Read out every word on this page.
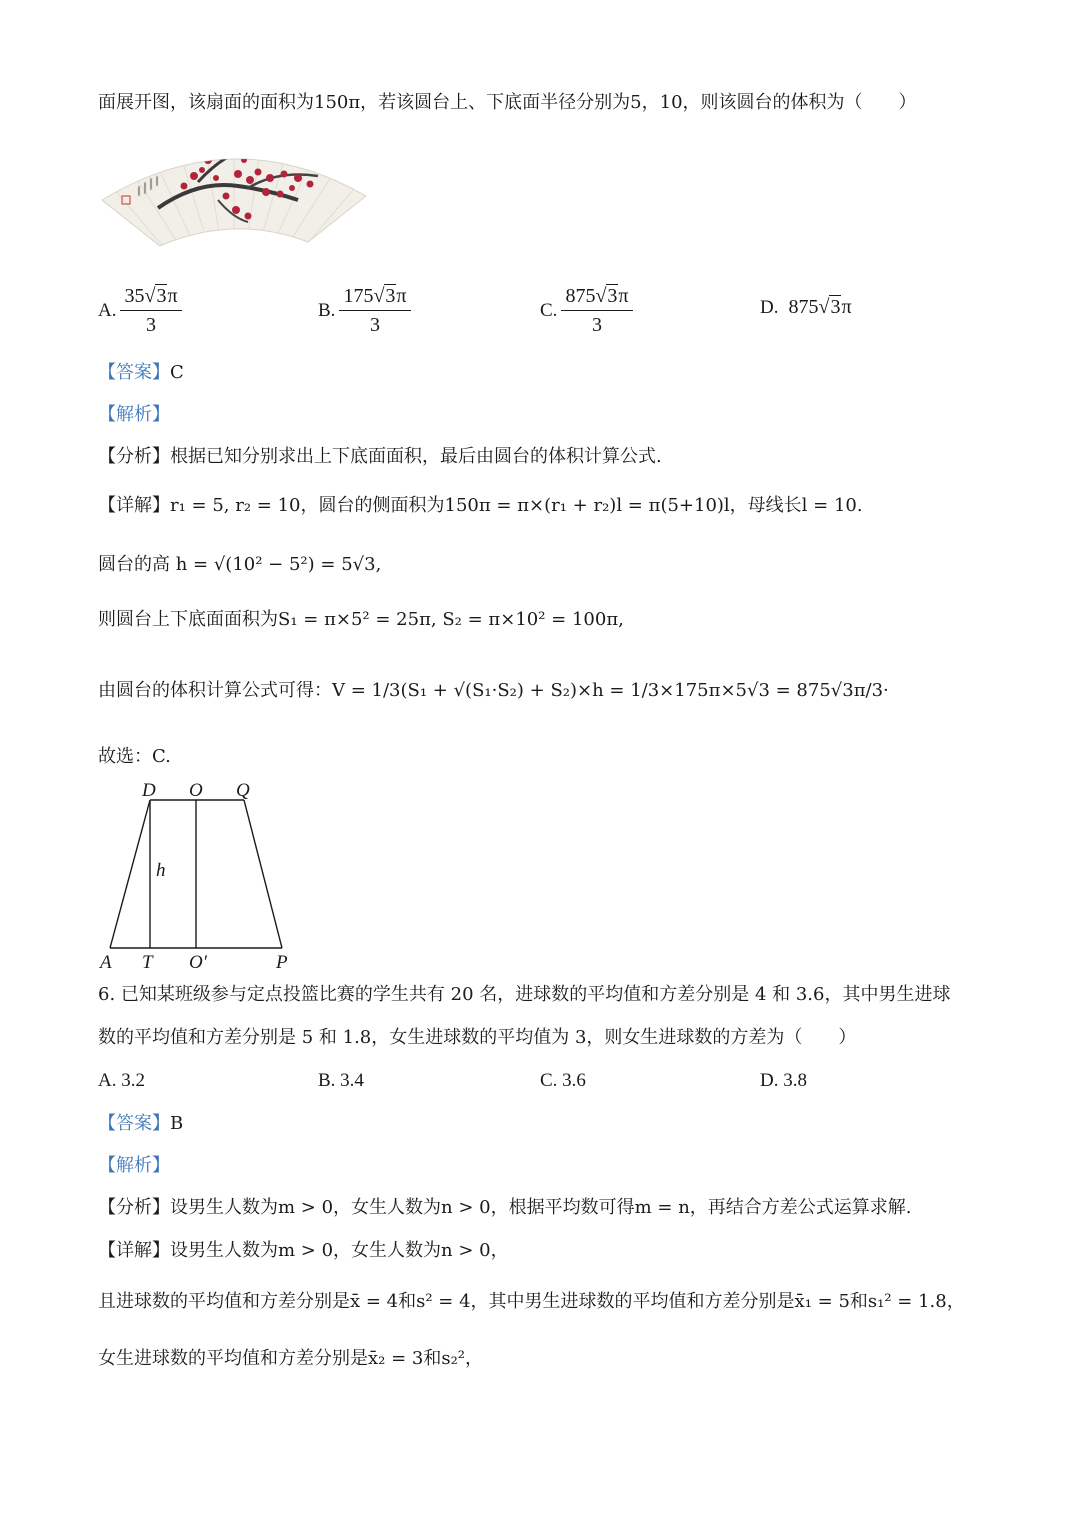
面展开图，该扇面的面积为150π，若该圆台上、下底面半径分别为5，10，则该圆台的体积为（　　）
A. $\frac{35√3\pi}{3}$	B. $\frac{175√3\pi}{3}$	C. $\frac{875√3\pi}{3}$	D. 875√3π
【答案】C
【解析】
【分析】根据已知分别求出上下底面面积，最后由圆台的体积计算公式.
【详解】r₁ = 5, r₂ = 10，圆台的侧面积为150π = π×(r₁ + r₂)l = π(5+10)l，母线长l = 10.
圆台的高 h = √(10² − 5²) = 5√3,
则圆台上下底面面积为S₁ = π×5² = 25π, S₂ = π×10² = 100π,
由圆台的体积计算公式可得：V = 1/3(S₁ + √(S₁·S₂) + S₂)×h = 1/3×175π×5√3 = 875√3π/3·
故选：C.
D O Q
h
A T O′	P
6. 已知某班级参与定点投篮比赛的学生共有 20 名，进球数的平均值和方差分别是 4 和 3.6，其中男生进球
数的平均值和方差分别是 5 和 1.8，女生进球数的平均值为 3，则女生进球数的方差为（　　）
A. 3.2	B. 3.4	C. 3.6	D. 3.8
【答案】B
【解析】
【分析】设男生人数为m > 0，女生人数为n > 0，根据平均数可得m = n，再结合方差公式运算求解.
【详解】设男生人数为m > 0，女生人数为n > 0，
且进球数的平均值和方差分别是x̄ = 4和s² = 4，其中男生进球数的平均值和方差分别是x̄₁ = 5和s₁² = 1.8，
女生进球数的平均值和方差分别是x̄₂ = 3和s₂²，
